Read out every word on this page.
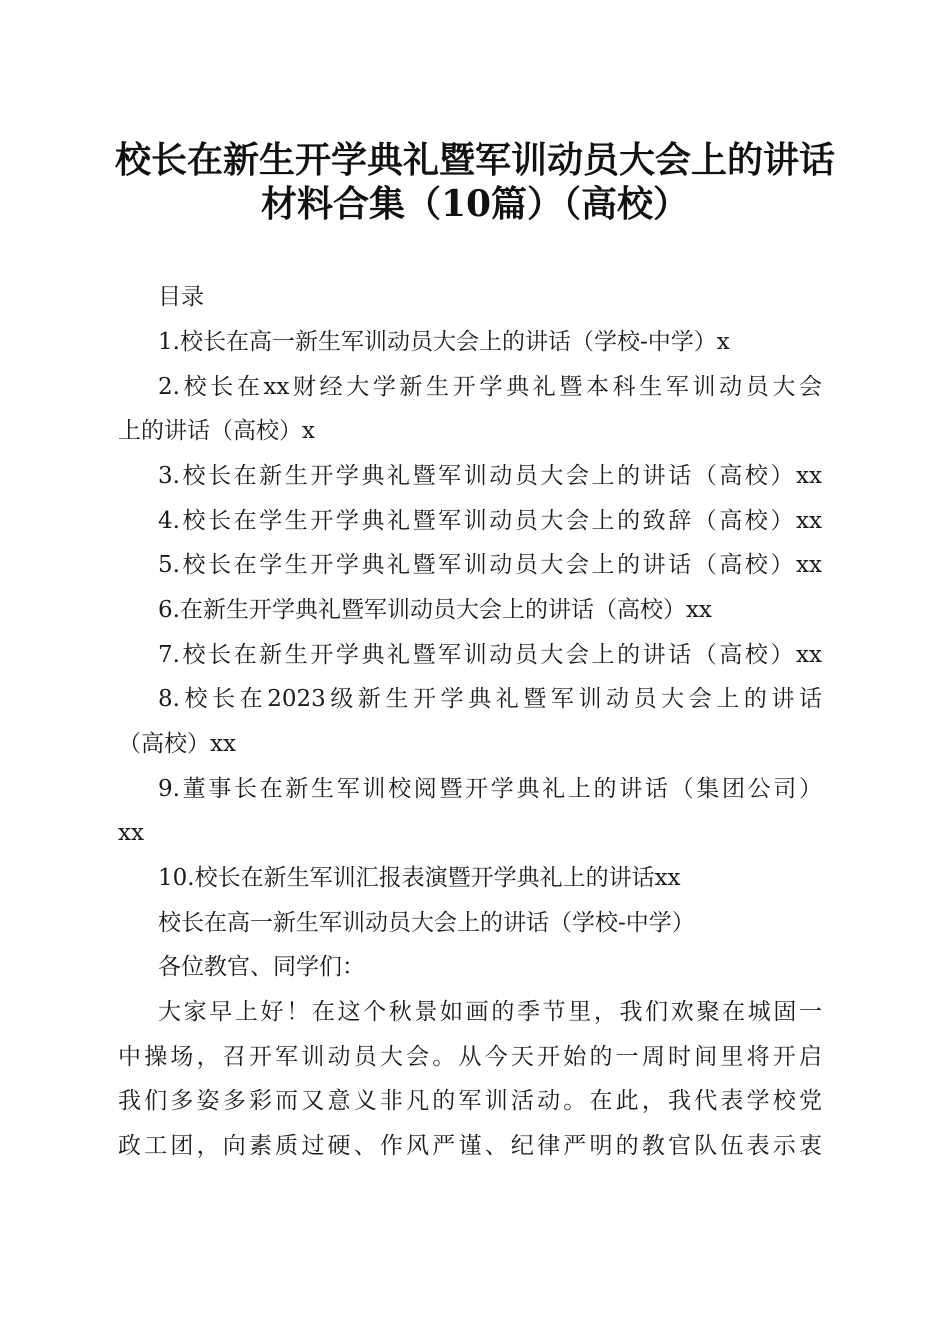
校长在新生开学典礼暨军训动员大会上的讲话
材料合集（10篇）（高校）
目录
1.校长在高一新生军训动员大会上的讲话（学校-中学）x
2.校长在xx财经大学新生开学典礼暨本科生军训动员大会
上的讲话（高校）x
3.校长在新生开学典礼暨军训动员大会上的讲话（高校）xx
4.校长在学生开学典礼暨军训动员大会上的致辞（高校）xx
5.校长在学生开学典礼暨军训动员大会上的讲话（高校）xx
6.在新生开学典礼暨军训动员大会上的讲话（高校）xx
7.校长在新生开学典礼暨军训动员大会上的讲话（高校）xx
8.校长在2023级新生开学典礼暨军训动员大会上的讲话
（高校）xx
9.董事长在新生军训校阅暨开学典礼上的讲话（集团公司）
xx
10.校长在新生军训汇报表演暨开学典礼上的讲话xx
校长在高一新生军训动员大会上的讲话（学校-中学）
各位教官、同学们：
大家早上好！在这个秋景如画的季节里，我们欢聚在城固一
中操场，召开军训动员大会。从今天开始的一周时间里将开启
我们多姿多彩而又意义非凡的军训活动。在此，我代表学校党
政工团，向素质过硬、作风严谨、纪律严明的教官队伍表示衷
